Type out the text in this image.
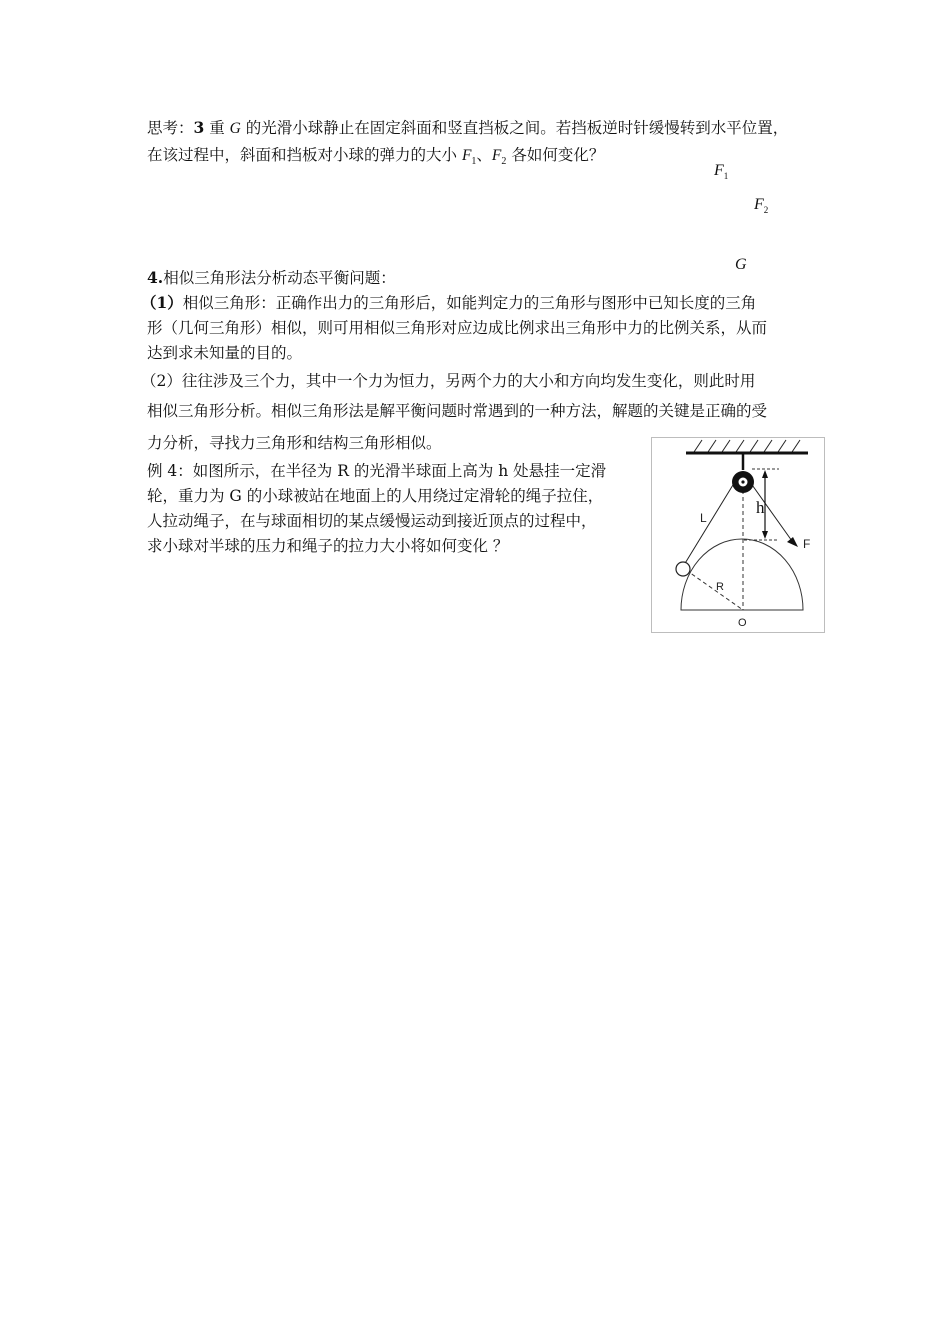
思考：3 重 G 的光滑小球静止在固定斜面和竖直挡板之间。若挡板逆时针缓慢转到水平位置，
在该过程中，斜面和挡板对小球的弹力的大小 $F_1$、$F_2$ 各如何变化？
$F_1$
$F_2$
G
4.相似三角形法分析动态平衡问题：
（1）相似三角形：正确作出力的三角形后，如能判定力的三角形与图形中已知长度的三角
形（几何三角形）相似，则可用相似三角形对应边成比例求出三角形中力的比例关系，从而
达到求未知量的目的。
（2）往往涉及三个力，其中一个力为恒力，另两个力的大小和方向均发生变化，则此时用
相似三角形分析。相似三角形法是解平衡问题时常遇到的一种方法，解题的关键是正确的受
力分析，寻找力三角形和结构三角形相似。
例 4：如图所示，在半径为 R 的光滑半球面上高为 h 处悬挂一定滑
轮，重力为 G 的小球被站在地面上的人用绕过定滑轮的绳子拉住，
人拉动绳子，在与球面相切的某点缓慢运动到接近顶点的过程中，
求小球对半球的压力和绳子的拉力大小将如何变化 ？
L
h
F
R
O
